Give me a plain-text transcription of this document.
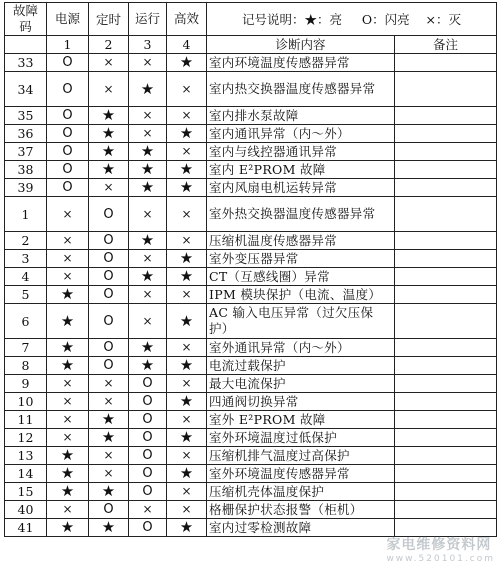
故障码	电源	定时	运行	高效	记号说明：★：亮 O：闪亮 ×：灭	
	1	2	3	4	诊断内容	备注
33	O	×	×	★	室内环境温度传感器异常	
34	O	×	★	×	室内热交换器温度传感器异常	
35	O	★	×	×	室内排水泵故障	
36	O	★	×	★	室内通讯异常（内～外）	
37	O	★	★	×	室内与线控器通讯异常	
38	O	★	★	★	室内 E²PROM 故障	
39	O	×	★	★	室内风扇电机运转异常	
1	×	O	×	×	室外热交换器温度传感器异常	
2	×	O	★	×	压缩机温度传感器异常	
3	×	O	×	★	室外变压器异常	
4	×	O	★	★	CT（互感线圈）异常	
5	★	O	×	×	IPM 模块保护（电流、温度）	
6	★	O	×	★	AC 输入电压异常（过欠压保护）	
7	★	O	★	×	室外通讯异常（内～外）	
8	★	O	★	★	电流过载保护	
9	×	×	O	×	最大电流保护	
10	×	×	O	★	四通阀切换异常	
11	×	★	O	×	室外 E²PROM 故障	
12	×	★	O	★	室外环境温度过低保护	
13	★	×	O	×	压缩机排气温度过高保护	
14	★	×	O	★	室外环境温度传感器异常	
15	★	★	O	×	压缩机壳体温度保护	
40	×	O	×	×	格栅保护状态报警（柜机）	
41	★	★	O	★	室内过零检测故障	
家电维修资料网
www.520101.com
